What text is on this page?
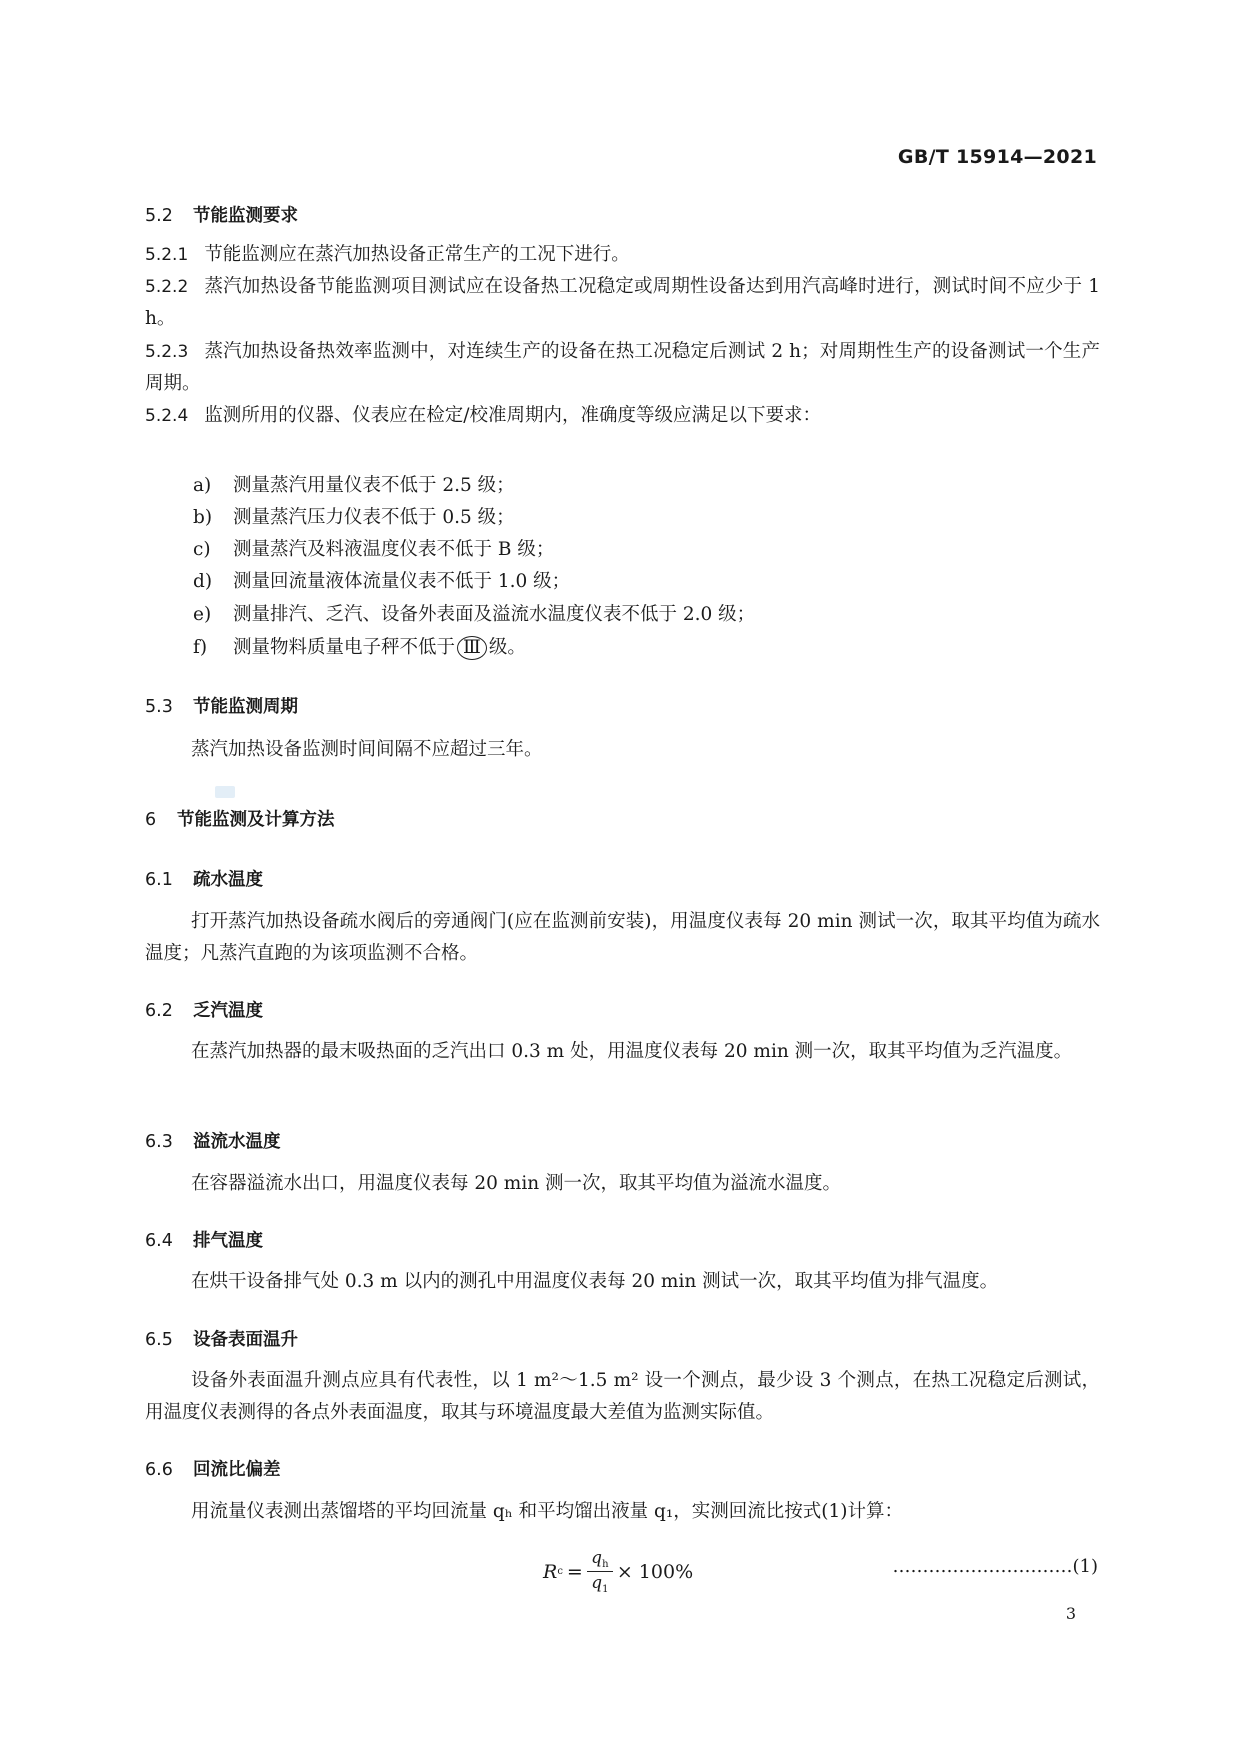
GB/T 15914—2021
5.2 节能监测要求
5.2.1 节能监测应在蒸汽加热设备正常生产的工况下进行。
5.2.2 蒸汽加热设备节能监测项目测试应在设备热工况稳定或周期性设备达到用汽高峰时进行，测试时间不应少于 1 h。
5.2.3 蒸汽加热设备热效率监测中，对连续生产的设备在热工况稳定后测试 2 h；对周期性生产的设备测试一个生产周期。
5.2.4 监测所用的仪器、仪表应在检定/校准周期内，准确度等级应满足以下要求：
a) 测量蒸汽用量仪表不低于 2.5 级；
b) 测量蒸汽压力仪表不低于 0.5 级；
c) 测量蒸汽及料液温度仪表不低于 B 级；
d) 测量回流量液体流量仪表不低于 1.0 级；
e) 测量排汽、乏汽、设备外表面及溢流水温度仪表不低于 2.0 级；
f) 测量物料质量电子秤不低于 Ⅲ 级。
5.3 节能监测周期
蒸汽加热设备监测时间间隔不应超过三年。
6 节能监测及计算方法
6.1 疏水温度
打开蒸汽加热设备疏水阀后的旁通阀门(应在监测前安装)，用温度仪表每 20 min 测试一次，取其平均值为疏水温度；凡蒸汽直跑的为该项监测不合格。
6.2 乏汽温度
在蒸汽加热器的最末吸热面的乏汽出口 0.3 m 处，用温度仪表每 20 min 测一次，取其平均值为乏汽温度。
6.3 溢流水温度
在容器溢流水出口，用温度仪表每 20 min 测一次，取其平均值为溢流水温度。
6.4 排气温度
在烘干设备排气处 0.3 m 以内的测孔中用温度仪表每 20 min 测试一次，取其平均值为排气温度。
6.5 设备表面温升
设备外表面温升测点应具有代表性，以 1 m²～1.5 m² 设一个测点，最少设 3 个测点，在热工况稳定后测试，用温度仪表测得的各点外表面温度，取其与环境温度最大差值为监测实际值。
6.6 回流比偏差
用流量仪表测出蒸馏塔的平均回流量 qₕ 和平均馏出液量 q₁，实测回流比按式(1)计算：
R $c = \frac{q_h}{q_1} \times 100\%$	…………………………(1)
3
